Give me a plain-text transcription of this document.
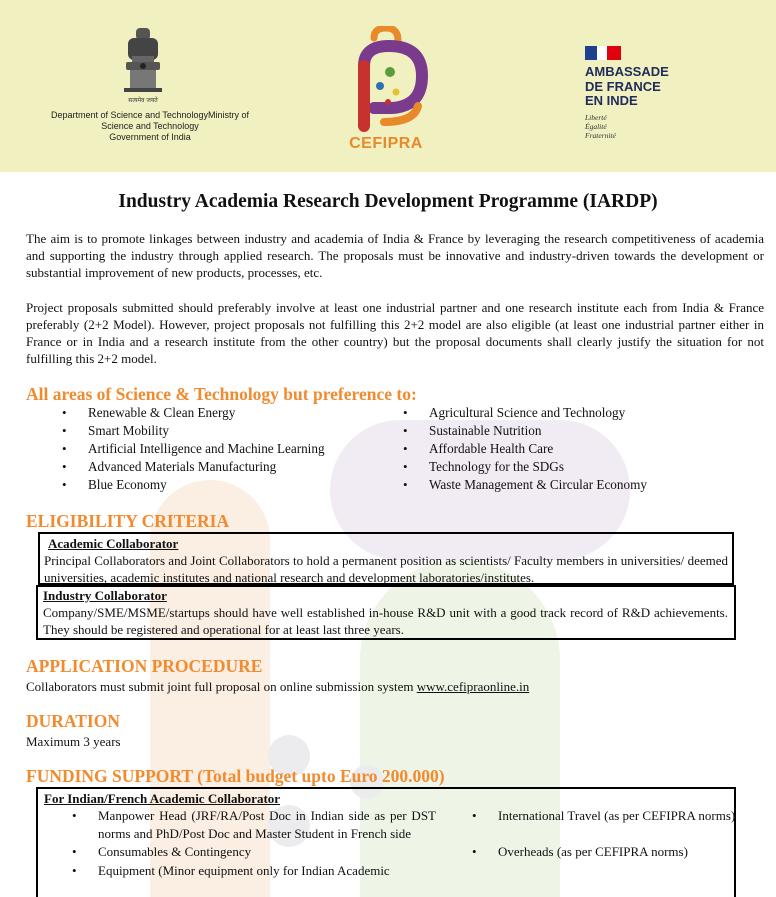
सत्यमेव जयते
Department of Science and TechnologyMinistry of
Science and Technology
Government of India	CEFIPRA
AMBASSADE
DE FRANCE
EN INDE
Liberté
Égalité
Fraternité
Industry Academia Research Development Programme (IARDP)

The aim is to promote linkages between industry and academia of India & France by leveraging the research competitiveness of academia and supporting the industry through applied research. The proposals must be innovative and industry-driven towards the development or substantial improvement of new products, processes, etc.

Project proposals submitted should preferably involve at least one industrial partner and one research institute each from India & France preferably (2+2 Model). However, project proposals not fulfilling this 2+2 model are also eligible (at least one industrial partner either in France or in India and a research institute from the other country) but the proposal documents shall clearly justify the situation for not fulfilling this 2+2 model.

All areas of Science & Technology but preference to:
• Renewable & Clean Energy
• Smart Mobility
• Artificial Intelligence and Machine Learning
• Advanced Materials Manufacturing
• Blue Economy
• Agricultural Science and Technology
• Sustainable Nutrition
• Affordable Health Care
• Technology for the SDGs
• Waste Management & Circular Economy
ELIGIBILITY CRITERIA
Academic Collaborator
Principal Collaborators and Joint Collaborators to hold a permanent position as scientists/ Faculty members in universities/ deemed universities, academic institutes and national research and development laboratories/institutes.
Industry Collaborator
Company/SME/MSME/startups should have well established in-house R&D unit with a good track record of R&D achievements. They should be registered and operational for at least last three years.
APPLICATION PROCEDURE
Collaborators must submit joint full proposal on online submission system www.cefipraonline.in
DURATION
Maximum 3 years
FUNDING SUPPORT (Total budget upto Euro 200.000)
For Indian/French Academic Collaborator
• Manpower Head (JRF/RA/Post Doc in Indian side as per DST norms and PhD/Post Doc and Master Student in French side
• Consumables & Contingency
• Equipment (Minor equipment only for Indian Academic
• International Travel (as per CEFIPRA norms)
• Overheads (as per CEFIPRA norms)
